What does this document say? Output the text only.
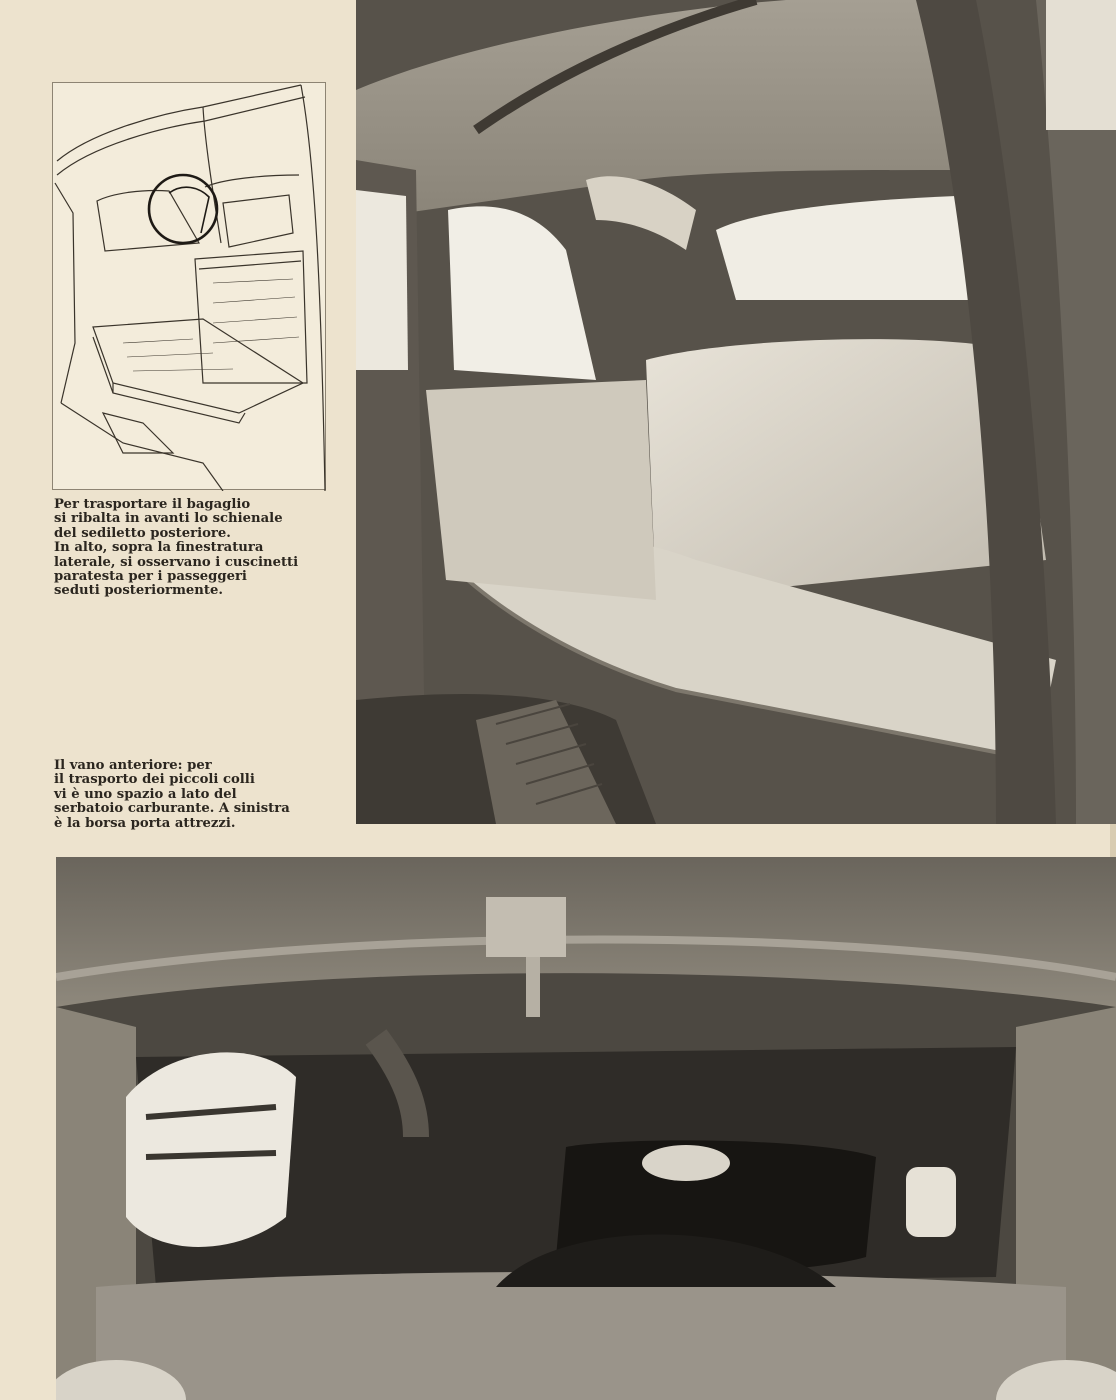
Per trasportare il bagaglio
si ribalta in avanti lo schienale
del sediletto posteriore.
In alto, sopra la finestratura
laterale, si osservano i cuscinetti
paratesta per i passeggeri
seduti posteriormente.
Il vano anteriore: per
il trasporto dei piccoli colli
vi è uno spazio a lato del
serbatoio carburante. A sinistra
è la borsa porta attrezzi.
